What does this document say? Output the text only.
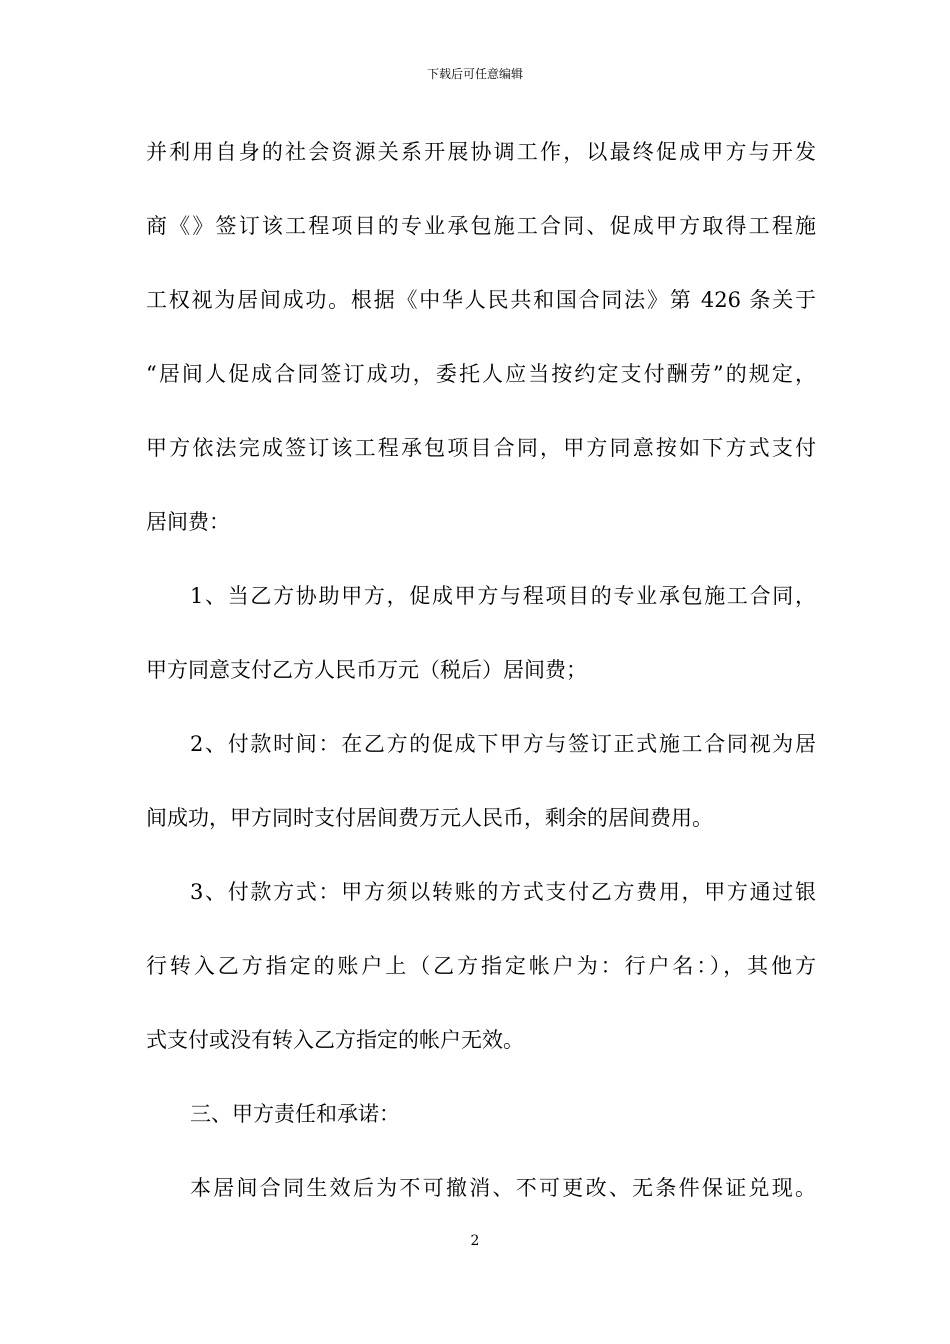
下载后可任意编辑
并利用自身的社会资源关系开展协调工作，以最终促成甲方与开发
商《》签订该工程项目的专业承包施工合同、促成甲方取得工程施
工权视为居间成功。根据《中华人民共和国合同法》第 426 条关于
“居间人促成合同签订成功，委托人应当按约定支付酬劳”的规定，
甲方依法完成签订该工程承包项目合同，甲方同意按如下方式支付
居间费：
1、当乙方协助甲方，促成甲方与程项目的专业承包施工合同，
甲方同意支付乙方人民币万元（税后）居间费；
2、付款时间：在乙方的促成下甲方与签订正式施工合同视为居
间成功，甲方同时支付居间费万元人民币，剩余的居间费用。
3、付款方式：甲方须以转账的方式支付乙方费用，甲方通过银
行转入乙方指定的账户上（乙方指定帐户为：行户名：），其他方
式支付或没有转入乙方指定的帐户无效。
三、甲方责任和承诺：
本居间合同生效后为不可撤消、不可更改、无条件保证兑现。
2
